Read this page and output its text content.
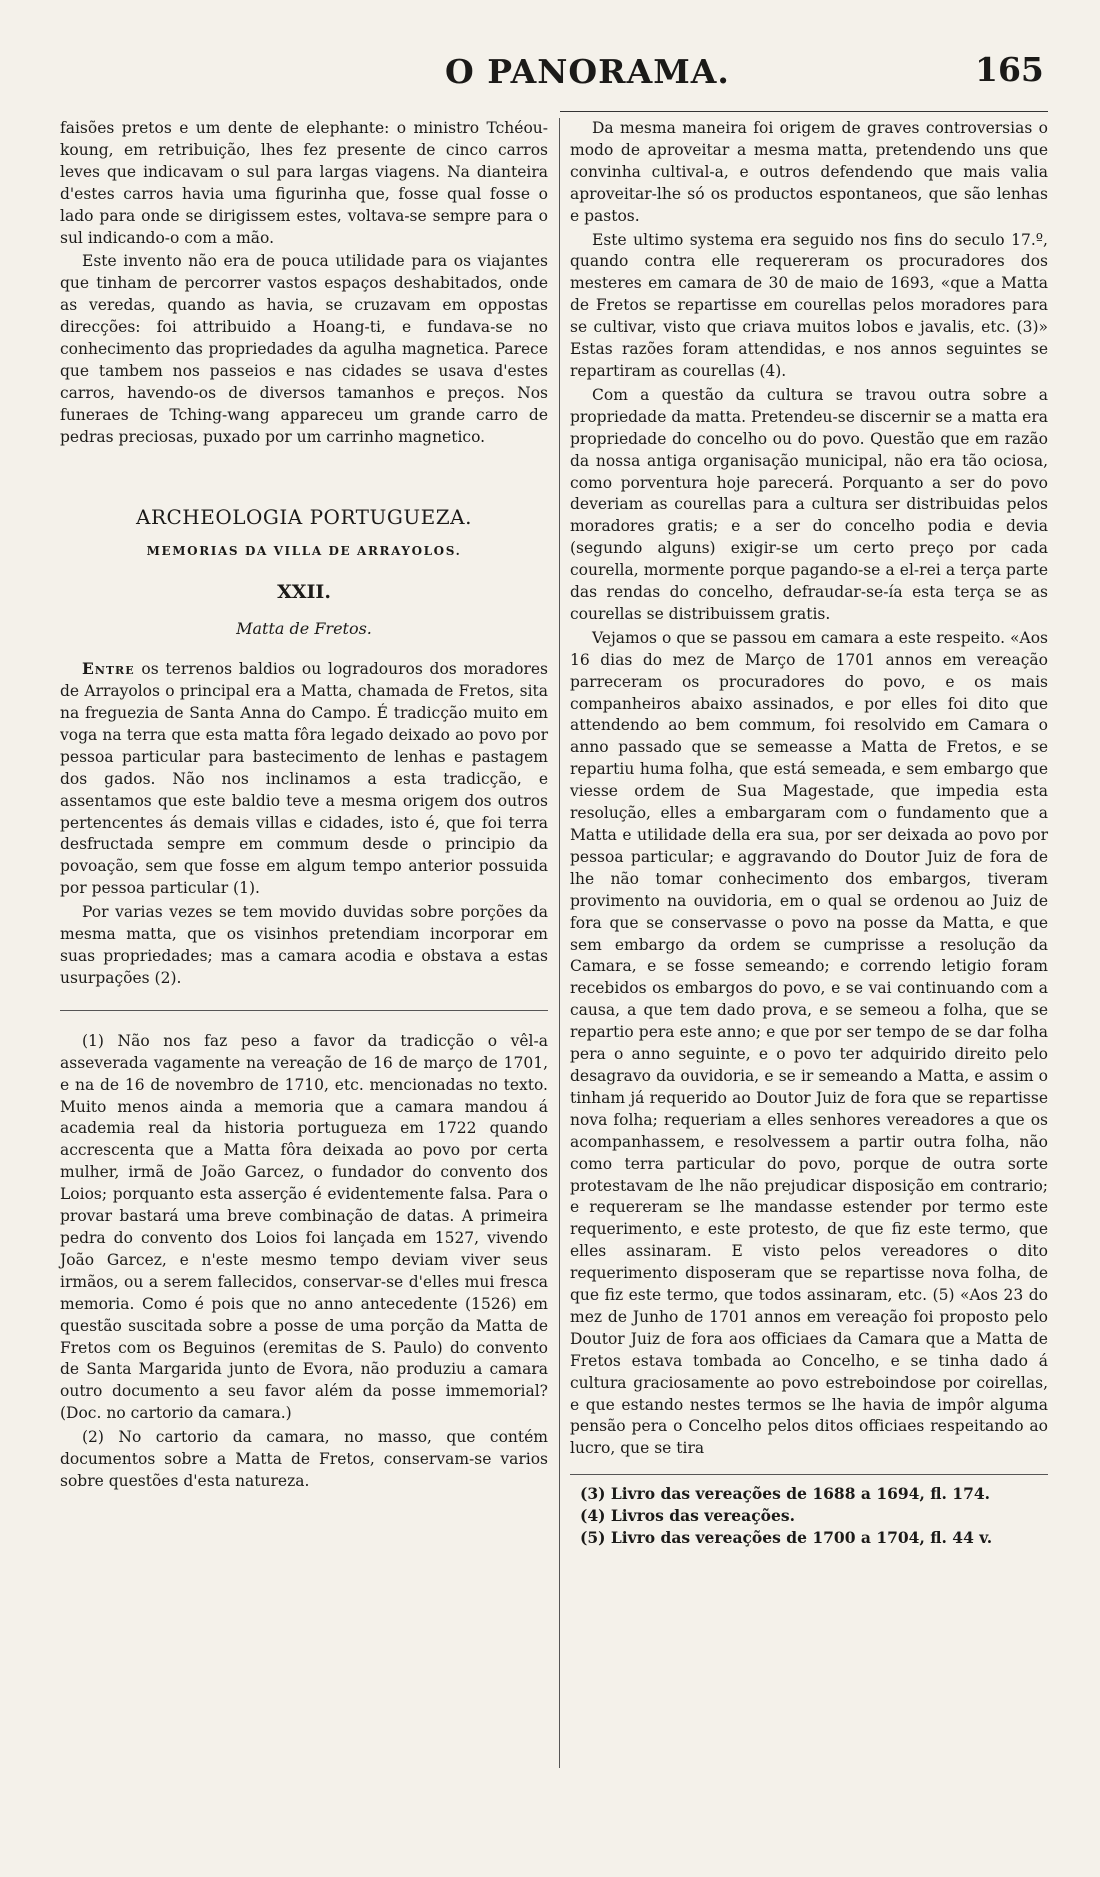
O PANORAMA.	165

faisões pretos e um dente de elephante: o ministro Tchéou-koung, em retribuição, lhes fez presente de cinco carros leves que indicavam o sul para largas viagens. Na dianteira d'estes carros havia uma figurinha que, fosse qual fosse o lado para onde se dirigissem estes, voltava-se sempre para o sul indicando-o com a mão.

Este invento não era de pouca utilidade para os viajantes que tinham de percorrer vastos espaços deshabitados, onde as veredas, quando as havia, se cruzavam em oppostas direcções: foi attribuido a Hoang-ti, e fundava-se no conhecimento das propriedades da agulha magnetica. Parece que tambem nos passeios e nas cidades se usava d'estes carros, havendo-os de diversos tamanhos e preços. Nos funeraes de Tching-wang appareceu um grande carro de pedras preciosas, puxado por um carrinho magnetico.

ARCHEOLOGIA PORTUGUEZA.
MEMORIAS DA VILLA DE ARRAYOLOS.
XXII.
Matta de Fretos.

Entre os terrenos baldios ou logradouros dos moradores de Arrayolos o principal era a Matta, chamada de Fretos, sita na freguezia de Santa Anna do Campo. É tradicção muito em voga na terra que esta matta fôra legado deixado ao povo por pessoa particular para bastecimento de lenhas e pastagem dos gados. Não nos inclinamos a esta tradicção, e assentamos que este baldio teve a mesma origem dos outros pertencentes ás demais villas e cidades, isto é, que foi terra desfructada sempre em commum desde o principio da povoação, sem que fosse em algum tempo anterior possuida por pessoa particular (1).

Por varias vezes se tem movido duvidas sobre porções da mesma matta, que os visinhos pretendiam incorporar em suas propriedades; mas a camara acodia e obstava a estas usurpações (2).

(1) Não nos faz peso a favor da tradicção o vêl-a asseverada vagamente na vereação de 16 de março de 1701, e na de 16 de novembro de 1710, etc. mencionadas no texto. Muito menos ainda a memoria que a camara mandou á academia real da historia portugueza em 1722 quando accrescenta que a Matta fôra deixada ao povo por certa mulher, irmã de João Garcez, o fundador do convento dos Loios; porquanto esta asserção é evidentemente falsa. Para o provar bastará uma breve combinação de datas. A primeira pedra do convento dos Loios foi lançada em 1527, vivendo João Garcez, e n'este mesmo tempo deviam viver seus irmãos, ou a serem fallecidos, conservar-se d'elles mui fresca memoria. Como é pois que no anno antecedente (1526) em questão suscitada sobre a posse de uma porção da Matta de Fretos com os Beguinos (eremitas de S. Paulo) do convento de Santa Margarida junto de Evora, não produziu a camara outro documento a seu favor além da posse immemorial? (Doc. no cartorio da camara.)

(2) No cartorio da camara, no masso, que contém documentos sobre a Matta de Fretos, conservam-se varios sobre questões d'esta natureza.

Da mesma maneira foi origem de graves controversias o modo de aproveitar a mesma matta, pretendendo uns que convinha cultival-a, e outros defendendo que mais valia aproveitar-lhe só os productos espontaneos, que são lenhas e pastos.

Este ultimo systema era seguido nos fins do seculo 17.º, quando contra elle requereram os procuradores dos mesteres em camara de 30 de maio de 1693, «que a Matta de Fretos se repartisse em courellas pelos moradores para se cultivar, visto que criava muitos lobos e javalis, etc. (3)» Estas razões foram attendidas, e nos annos seguintes se repartiram as courellas (4).

Com a questão da cultura se travou outra sobre a propriedade da matta. Pretendeu-se discernir se a matta era propriedade do concelho ou do povo. Questão que em razão da nossa antiga organisação municipal, não era tão ociosa, como porventura hoje parecerá. Porquanto a ser do povo deveriam as courellas para a cultura ser distribuidas pelos moradores gratis; e a ser do concelho podia e devia (segundo alguns) exigir-se um certo preço por cada courella, mormente porque pagando-se a el-rei a terça parte das rendas do concelho, defraudar-se-ía esta terça se as courellas se distribuissem gratis.

Vejamos o que se passou em camara a este respeito. «Aos 16 dias do mez de Março de 1701 annos em vereação parreceram os procuradores do povo, e os mais companheiros abaixo assinados, e por elles foi dito que attendendo ao bem commum, foi resolvido em Camara o anno passado que se semeasse a Matta de Fretos, e se repartiu huma folha, que está semeada, e sem embargo que viesse ordem de Sua Magestade, que impedia esta resolução, elles a embargaram com o fundamento que a Matta e utilidade della era sua, por ser deixada ao povo por pessoa particular; e aggravando do Doutor Juiz de fora de lhe não tomar conhecimento dos embargos, tiveram provimento na ouvidoria, em o qual se ordenou ao Juiz de fora que se conservasse o povo na posse da Matta, e que sem embargo da ordem se cumprisse a resolução da Camara, e se fosse semeando; e correndo letigio foram recebidos os embargos do povo, e se vai continuando com a causa, a que tem dado prova, e se semeou a folha, que se repartio pera este anno; e que por ser tempo de se dar folha pera o anno seguinte, e o povo ter adquirido direito pelo desagravo da ouvidoria, e se ir semeando a Matta, e assim o tinham já requerido ao Doutor Juiz de fora que se repartisse nova folha; requeriam a elles senhores vereadores a que os acompanhassem, e resolvessem a partir outra folha, não como terra particular do povo, porque de outra sorte protestavam de lhe não prejudicar disposição em contrario; e requereram se lhe mandasse estender por termo este requerimento, e este protesto, de que fiz este termo, que elles assinaram. E visto pelos vereadores o dito requerimento disposeram que se repartisse nova folha, de que fiz este termo, que todos assinaram, etc. (5) «Aos 23 do mez de Junho de 1701 annos em vereação foi proposto pelo Doutor Juiz de fora aos officiaes da Camara que a Matta de Fretos estava tombada ao Concelho, e se tinha dado á cultura graciosamente ao povo estreboindose por coirellas, e que estando nestes termos se lhe havia de impôr alguma pensão pera o Concelho pelos ditos officiaes respeitando ao lucro, que se tira

(3) Livro das vereações de 1688 a 1694, fl. 174.

(4) Livros das vereações.

(5) Livro das vereações de 1700 a 1704, fl. 44 v.
